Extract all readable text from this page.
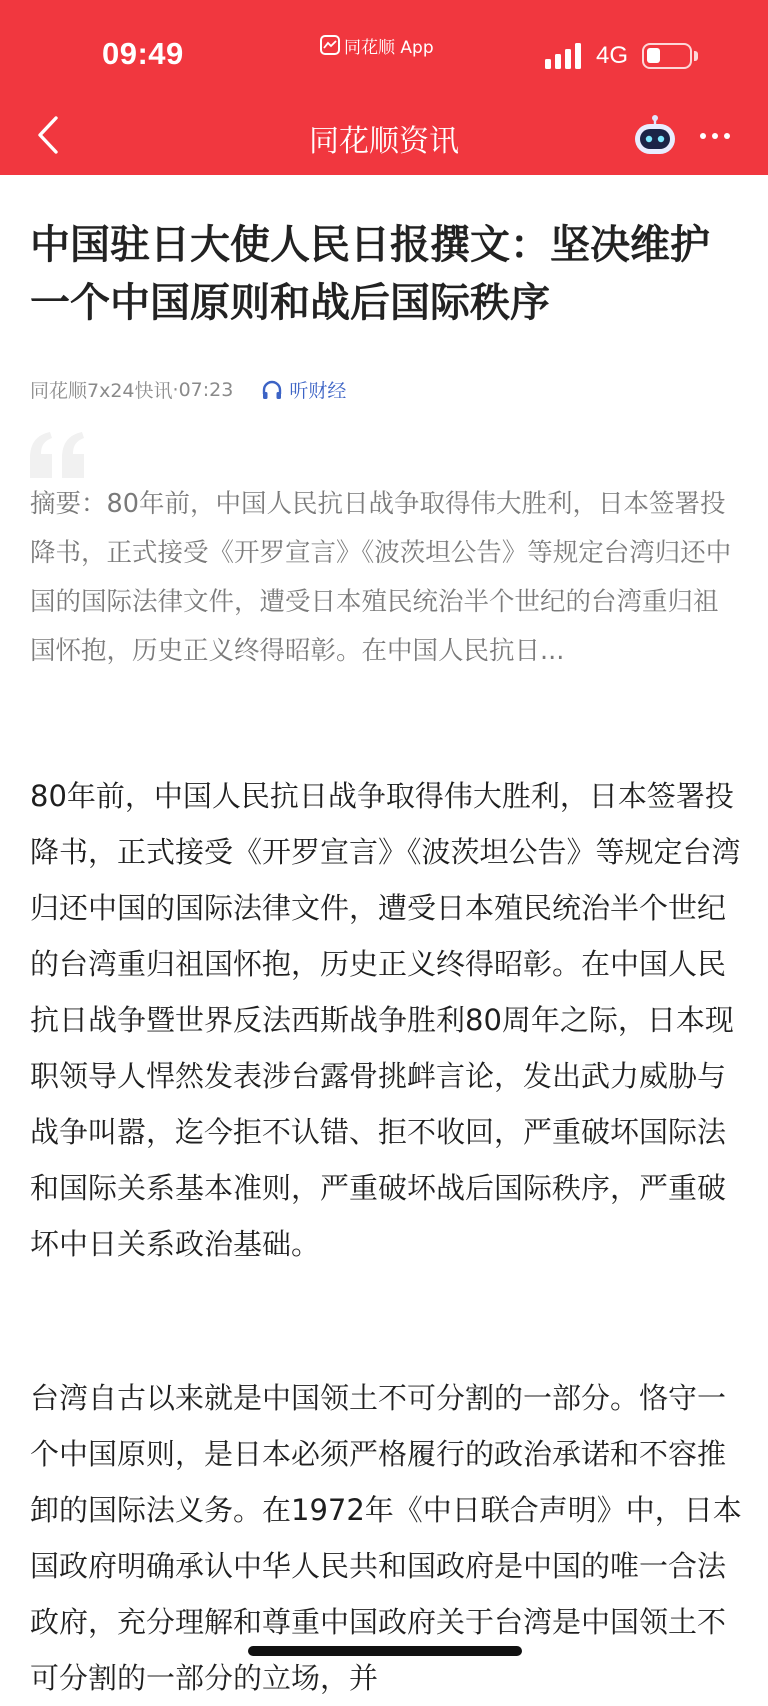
09:49	同花顺 App	4G
同花顺资讯
中国驻日大使人民日报撰文：坚决维护一个中国原则和战后国际秩序
同花顺7x24快讯 · 07:23	听财经
摘要：80年前，中国人民抗日战争取得伟大胜利，日本签署投降书，正式接受《开罗宣言》《波茨坦公告》等规定台湾归还中国的国际法律文件，遭受日本殖民统治半个世纪的台湾重归祖国怀抱，历史正义终得昭彰。在中国人民抗日...

80年前，中国人民抗日战争取得伟大胜利，日本签署投降书，正式接受《开罗宣言》《波茨坦公告》等规定台湾归还中国的国际法律文件，遭受日本殖民统治半个世纪的台湾重归祖国怀抱，历史正义终得昭彰。在中国人民抗日战争暨世界反法西斯战争胜利80周年之际，日本现职领导人悍然发表涉台露骨挑衅言论，发出武力威胁与战争叫嚣，迄今拒不认错、拒不收回，严重破坏国际法和国际关系基本准则，严重破坏战后国际秩序，严重破坏中日关系政治基础。

台湾自古以来就是中国领土不可分割的一部分。恪守一个中国原则，是日本必须严格履行的政治承诺和不容推卸的国际法义务。在1972年《中日联合声明》中，日本国政府明确承认中华人民共和国政府是中国的唯一合法政府，充分理解和尊重中国政府关于台湾是中国领土不可分割的一部分的立场，并
